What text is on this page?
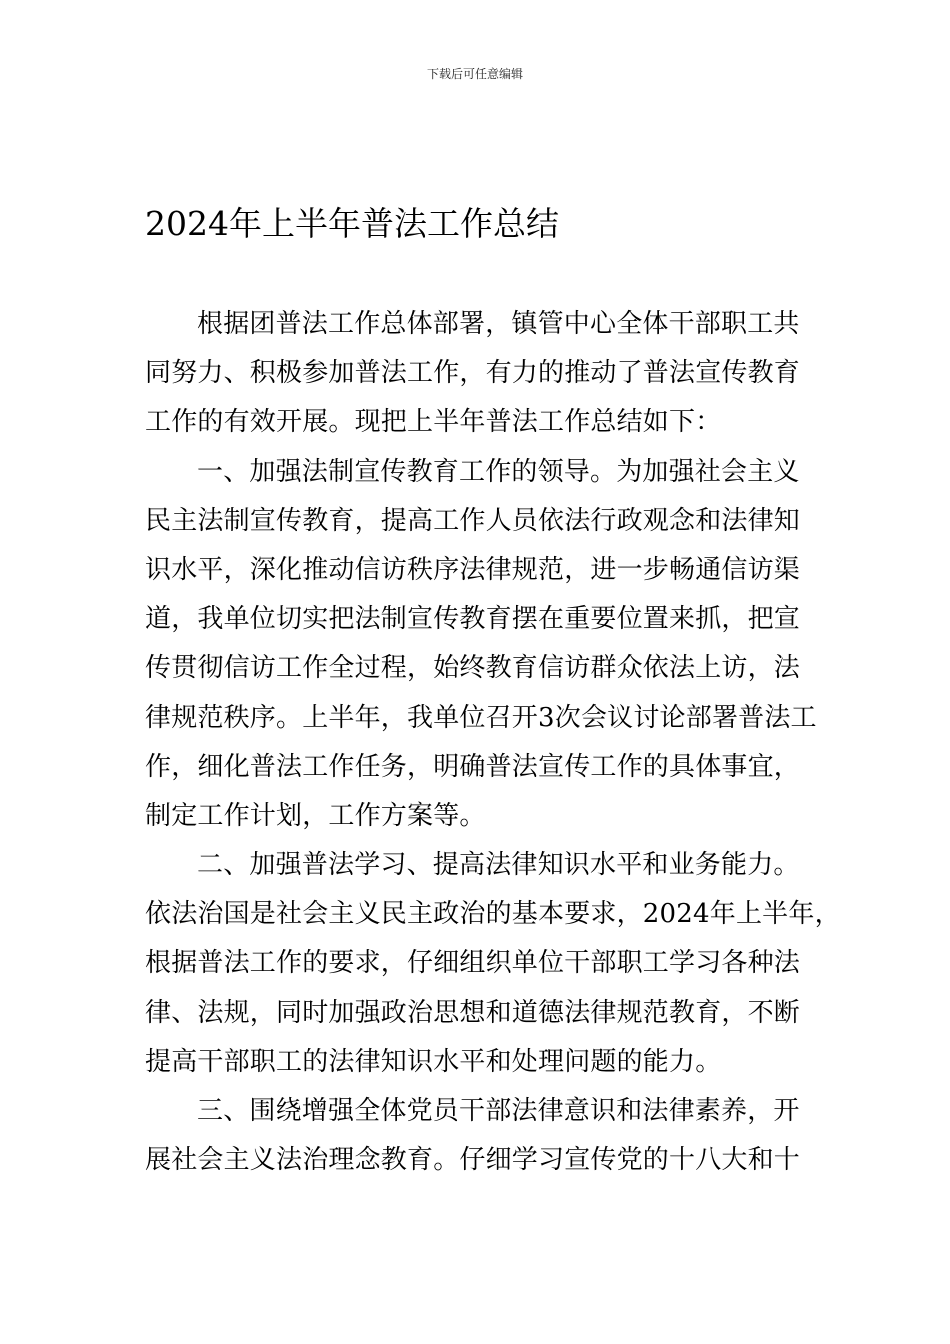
下载后可任意编辑
2024年上半年普法工作总结
根据团普法工作总体部署，镇管中心全体干部职工共
同努力、积极参加普法工作，有力的推动了普法宣传教育
工作的有效开展。现把上半年普法工作总结如下：
一、加强法制宣传教育工作的领导。为加强社会主义
民主法制宣传教育，提高工作人员依法行政观念和法律知
识水平，深化推动信访秩序法律规范，进一步畅通信访渠
道，我单位切实把法制宣传教育摆在重要位置来抓，把宣
传贯彻信访工作全过程，始终教育信访群众依法上访，法
律规范秩序。上半年，我单位召开3次会议讨论部署普法工
作，细化普法工作任务，明确普法宣传工作的具体事宜，
制定工作计划，工作方案等。
二、加强普法学习、提高法律知识水平和业务能力。
依法治国是社会主义民主政治的基本要求，2024年上半年，
根据普法工作的要求，仔细组织单位干部职工学习各种法
律、法规，同时加强政治思想和道德法律规范教育，不断
提高干部职工的法律知识水平和处理问题的能力。
三、围绕增强全体党员干部法律意识和法律素养，开
展社会主义法治理念教育。仔细学习宣传党的十八大和十
